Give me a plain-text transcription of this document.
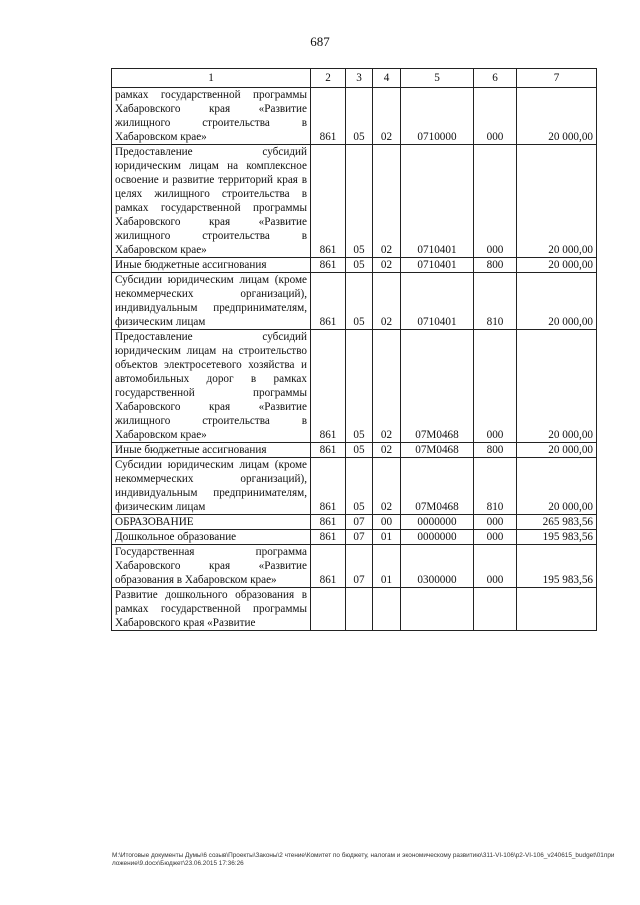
687
1	2	3	4	5	6	7
рамках государственной программы Хабаровского края «Развитие жилищного строительства в Хабаровском крае»	861	05	02	0710000	000	20 000,00
Предоставление субсидий юридическим лицам на комплексное освоение и развитие территорий края в целях жилищного строительства в рамках государственной программы Хабаровского края «Развитие жилищного строительства в Хабаровском крае»	861	05	02	0710401	000	20 000,00
Иные бюджетные ассигнования	861	05	02	0710401	800	20 000,00
Субсидии юридическим лицам (кроме некоммерческих организаций), индивидуальным предпринимателям, физическим лицам	861	05	02	0710401	810	20 000,00
Предоставление субсидий юридическим лицам на строительство объектов электросетевого хозяйства и автомобильных дорог в рамках государственной программы Хабаровского края «Развитие жилищного строительства в Хабаровском крае»	861	05	02	07М0468	000	20 000,00
Иные бюджетные ассигнования	861	05	02	07М0468	800	20 000,00
Субсидии юридическим лицам (кроме некоммерческих организаций), индивидуальным предпринимателям, физическим лицам	861	05	02	07М0468	810	20 000,00
ОБРАЗОВАНИЕ	861	07	00	0000000	000	265 983,56
Дошкольное образование	861	07	01	0000000	000	195 983,56
Государственная программа Хабаровского края «Развитие образования в Хабаровском крае»	861	07	01	0300000	000	195 983,56
Развитие дошкольного образования в рамках государственной программы Хабаровского края «Развитие						
М:\Итоговые документы Думы\6 созыв\Проекты\Законы\2 чтение\Комитет по бюджету, налогам и экономическому развитию\311-VI-106\р2-VI-106_v240615_budget\01приложение\9.docx\Бюджет\23.06.2015 17:36:26
